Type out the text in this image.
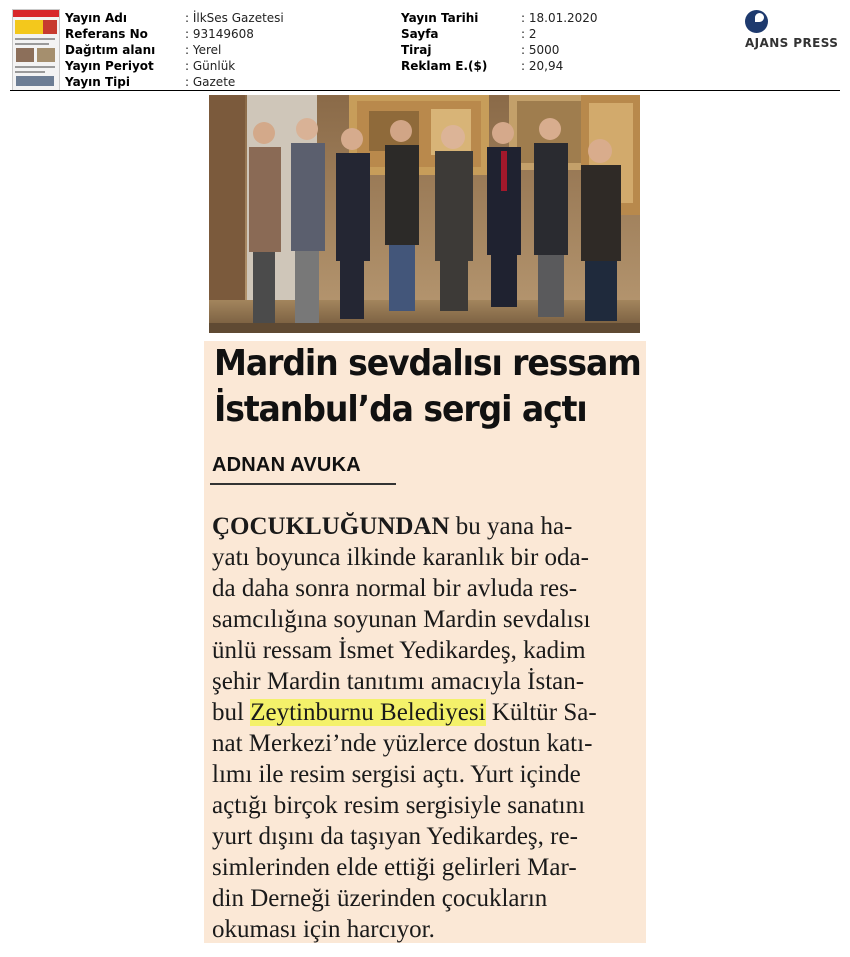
Yayın Adı	: İlkSes Gazetesi
Referans No	: 93149608
Dağıtım alanı	: Yerel
Yayın Periyot	: Günlük
Yayın Tipi	: Gazete
Yayın Tarihi	: 18.01.2020
Sayfa	: 2
Tiraj	: 5000
Reklam E.($)	: 20,94
AJANS PRESS
Mardin sevdalısı ressam
İstanbul’da sergi açtı
ADNAN AVUKA
ÇOCUKLUĞUNDAN bu yana ha-
yatı boyunca ilkinde karanlık bir oda-
da daha sonra normal bir avluda res-
samcılığına soyunan Mardin sevdalısı
ünlü ressam İsmet Yedikardeş, kadim
şehir Mardin tanıtımı amacıyla İstan-
bul Zeytinburnu Belediyesi Kültür Sa-
nat Merkezi’nde yüzlerce dostun katı-
lımı ile resim sergisi açtı. Yurt içinde
açtığı birçok resim sergisiyle sanatını
yurt dışını da taşıyan Yedikardeş, re-
simlerinden elde ettiği gelirleri Mar-
din Derneği üzerinden çocukların
okuması için harcıyor.
